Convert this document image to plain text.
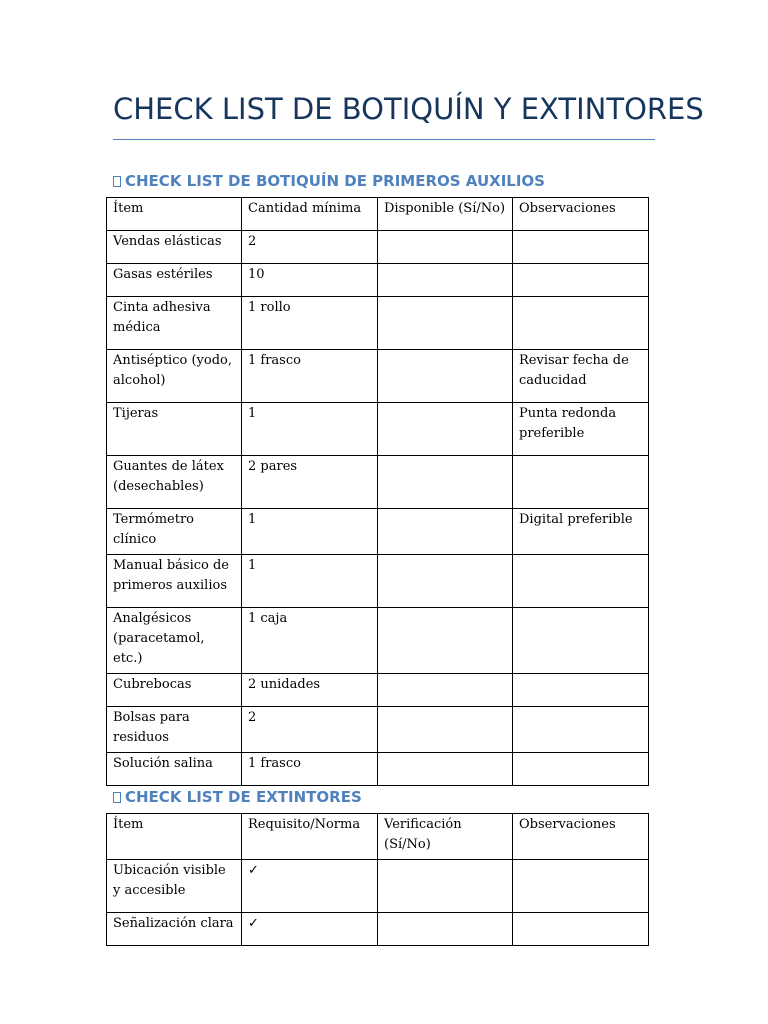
CHECK LIST DE BOTIQUÍN Y EXTINTORES
CHECK LIST DE BOTIQUÍN DE PRIMEROS AUXILIOS
Ítem	Cantidad mínima	Disponible (Sí/No)	Observaciones
Vendas elásticas	2		
Gasas estériles	10		
Cinta adhesiva médica	1 rollo		
Antiséptico (yodo, alcohol)	1 frasco		Revisar fecha de caducidad
Tijeras	1		Punta redonda preferible
Guantes de látex (desechables)	2 pares		
Termómetro clínico	1		Digital preferible
Manual básico de primeros auxilios	1		
Analgésicos (paracetamol, etc.)	1 caja		
Cubrebocas	2 unidades		
Bolsas para residuos	2		
Solución salina	1 frasco		
CHECK LIST DE EXTINTORES
Ítem	Requisito/Norma	Verificación (Sí/No)	Observaciones
Ubicación visible y accesible	✓		
Señalización clara	✓		
